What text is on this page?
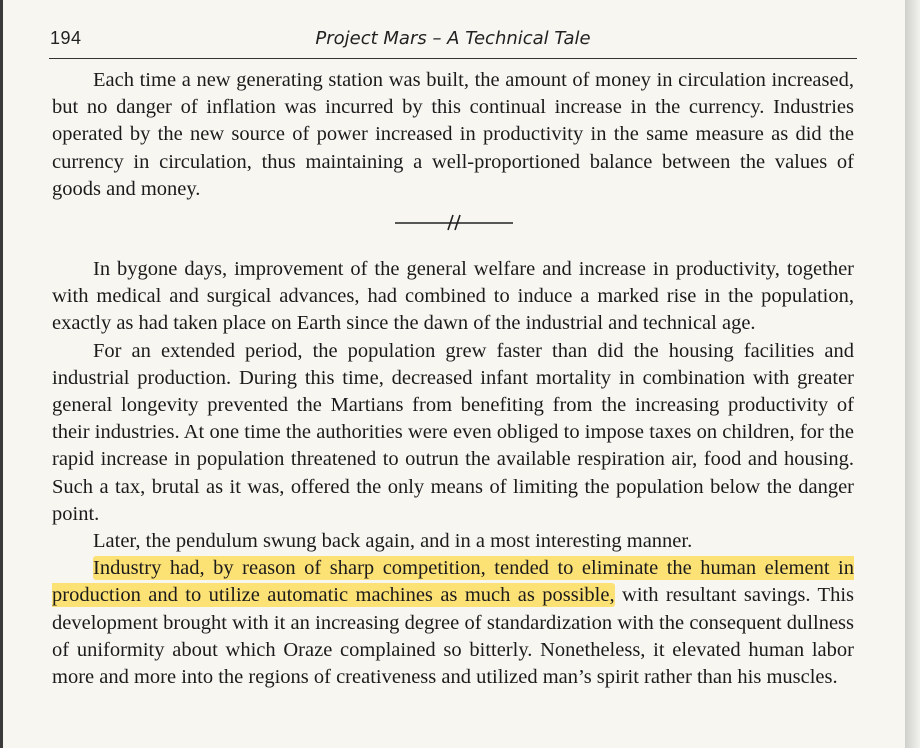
194	Project Mars – A Technical Tale

Each time a new generating station was built, the amount of money in circulation increased, but no danger of inflation was incurred by this continual increase in the currency. Industries operated by the new source of power increased in productivity in the same measure as did the currency in circulation, thus maintaining a well-proportioned balance between the values of goods and money.

In bygone days, improvement of the general welfare and increase in productivity, together with medical and surgical advances, had combined to induce a marked rise in the population, exactly as had taken place on Earth since the dawn of the industrial and technical age.

For an extended period, the population grew faster than did the housing facilities and industrial production. During this time, decreased infant mortality in combination with greater general longevity prevented the Martians from benefiting from the increasing productivity of their industries. At one time the authorities were even obliged to impose taxes on children, for the rapid increase in population threatened to outrun the available respiration air, food and housing. Such a tax, brutal as it was, offered the only means of limiting the population below the danger point.

Later, the pendulum swung back again, and in a most interesting manner.

Industry had, by reason of sharp competition, tended to eliminate the human element in production and to utilize automatic machines as much as possible, with resultant savings. This development brought with it an increasing degree of standardization with the consequent dullness of uniformity about which Oraze complained so bitterly. Nonetheless, it elevated human labor more and more into the regions of creativeness and utilized man’s spirit rather than his muscles.
